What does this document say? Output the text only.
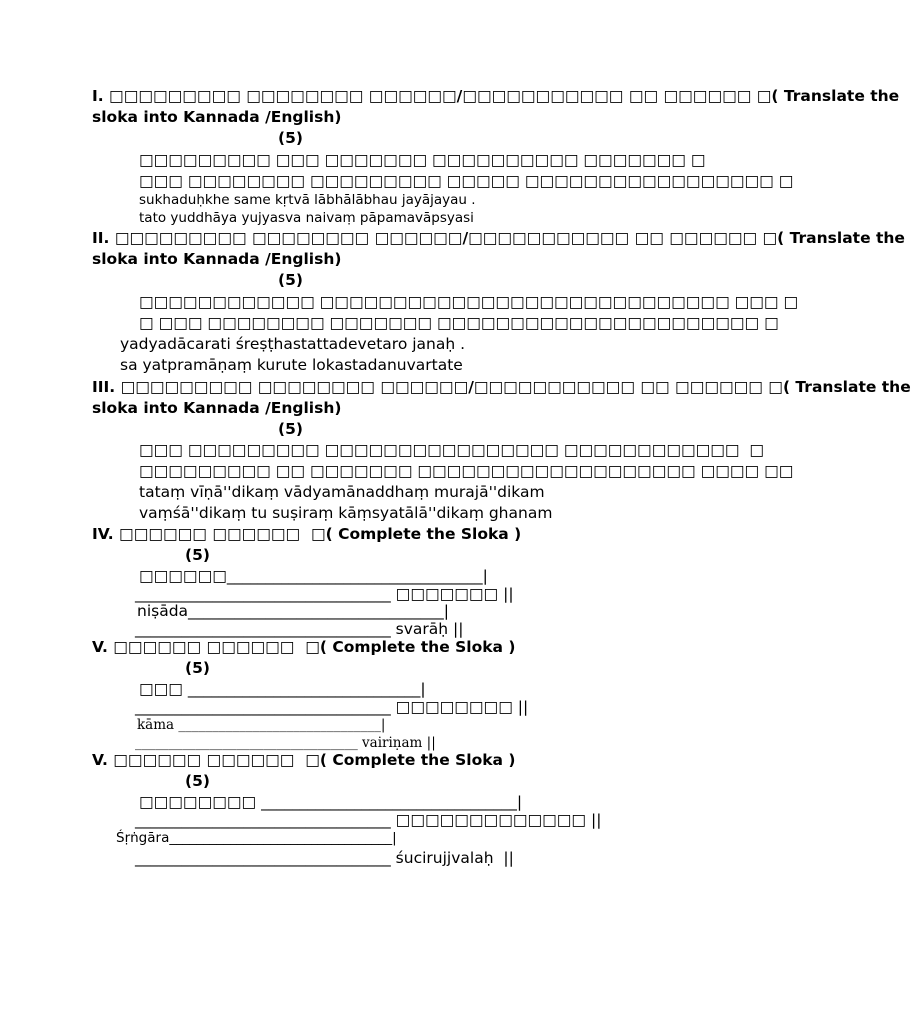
I. □□□□□□□□□ □□□□□□□□ □□□□□□/□□□□□□□□□□□ □□ □□□□□□ □( Translate the
sloka into Kannada /English)
(5)
□□□□□□□□□ □□□ □□□□□□□ □□□□□□□□□□ □□□□□□□ □
□□□ □□□□□□□□ □□□□□□□□□ □□□□□ □□□□□□□□□□□□□□□□□ □
sukhaduḥkhe same kṛtvā lābhālābhau jayājayau .
tato yuddhāya yujyasva naivaṃ pāpamavāpsyasi
II. □□□□□□□□□ □□□□□□□□ □□□□□□/□□□□□□□□□□□ □□ □□□□□□ □( Translate the
sloka into Kannada /English)
(5)
□□□□□□□□□□□□ □□□□□□□□□□□□□□□□□□□□□□□□□□□□ □□□ □
□ □□□ □□□□□□□□ □□□□□□□ □□□□□□□□□□□□□□□□□□□□□□ □
yadyadācarati śreṣṭhastattadevetaro janaḥ .
sa yatpramāṇaṃ kurute lokastadanuvartate
III. □□□□□□□□□ □□□□□□□□ □□□□□□/□□□□□□□□□□□ □□ □□□□□□ □( Translate the
sloka into Kannada /English)
(5)
□□□ □□□□□□□□□ □□□□□□□□□□□□□□□□ □□□□□□□□□□□□  □
□□□□□□□□□ □□ □□□□□□□ □□□□□□□□□□□□□□□□□□□ □□□□ □□
tataṃ vīṇā''dikaṃ vādyamānaddhaṃ murajā''dikam
vaṃśā''dikaṃ tu suṣiraṃ kāṃsyatālā''dikaṃ ghanam
IV. □□□□□□ □□□□□□  □( Complete the Sloka )
(5)
□□□□□□_________________________________|
_________________________________ □□□□□□□ ||
niṣāda_________________________________|
_________________________________ svarāḥ ||
V. □□□□□□ □□□□□□  □( Complete the Sloka )
(5)
□□□ ______________________________|
_________________________________ □□□□□□□□ ||
kāma ______________________________|
_________________________________ vairiṇam ||
V. □□□□□□ □□□□□□  □( Complete the Sloka )
(5)
□□□□□□□□ _________________________________|
_________________________________ □□□□□□□□□□□□□ ||
Śṛṅgāra_________________________________|
_________________________________ śucirujjvalaḥ  ||
